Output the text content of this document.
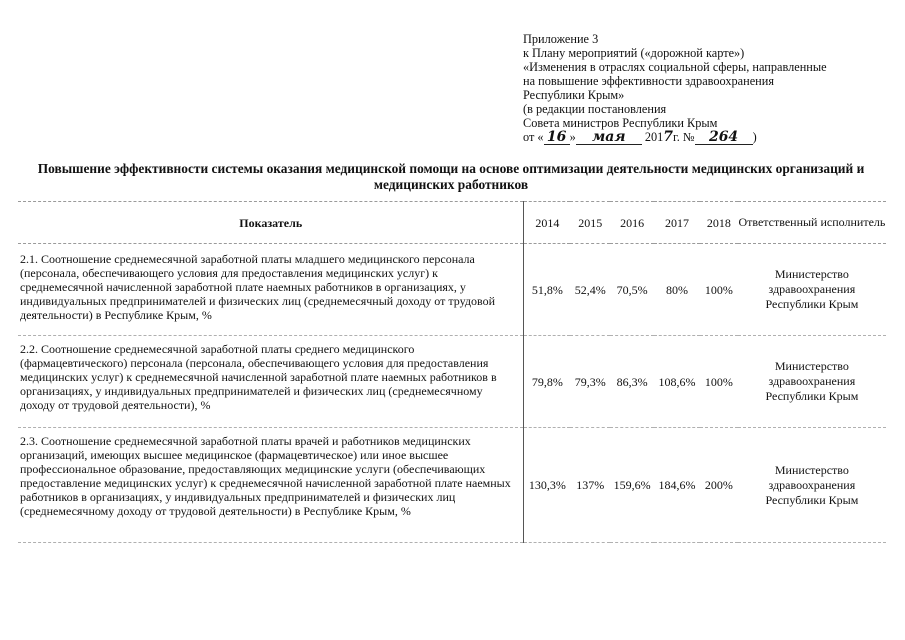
Приложение 3
к Плану мероприятий («дорожной карте»)
«Изменения в отраслях социальной сферы, направленные
на повышение эффективности здравоохранения
Республики Крым»
(в редакции постановления
Совета министров Республики Крым
от « 16 » мая 2017г. № 264 )
Повышение эффективности системы оказания медицинской помощи на основе оптимизации деятельности медицинских организаций и медицинских работников
Показатель	2014	2015	2016	2017	2018	Ответственный исполнитель
2.1. Соотношение среднемесячной заработной платы младшего медицинского персонала (персонала, обеспечивающего условия для предоставления медицинских услуг) к среднемесячной начисленной заработной плате наемных работников в организациях, у индивидуальных предпринимателей и физических лиц (среднемесячный доходу от трудовой деятельности) в Республике Крым, %	51,8%	52,4%	70,5%	80%	100%	Министерство здравоохранения Республики Крым
2.2. Соотношение среднемесячной заработной платы среднего медицинского (фармацевтического) персонала (персонала, обеспечивающего условия для предоставления медицинских услуг) к среднемесячной начисленной заработной плате наемных работников в организациях, у индивидуальных предпринимателей и физических лиц (среднемесячному доходу от трудовой деятельности), %	79,8%	79,3%	86,3%	108,6%	100%	Министерство здравоохранения Республики Крым
2.3. Соотношение среднемесячной заработной платы врачей и работников медицинских организаций, имеющих высшее медицинское (фармацевтическое) или иное высшее профессиональное образование, предоставляющих медицинские услуги (обеспечивающих предоставление медицинских услуг) к среднемесячной начисленной заработной плате наемных работников в организациях, у индивидуальных предпринимателей и физических лиц (среднемесячному доходу от трудовой деятельности) в Республике Крым, %	130,3%	137%	159,6%	184,6%	200%	Министерство здравоохранения Республики Крым
